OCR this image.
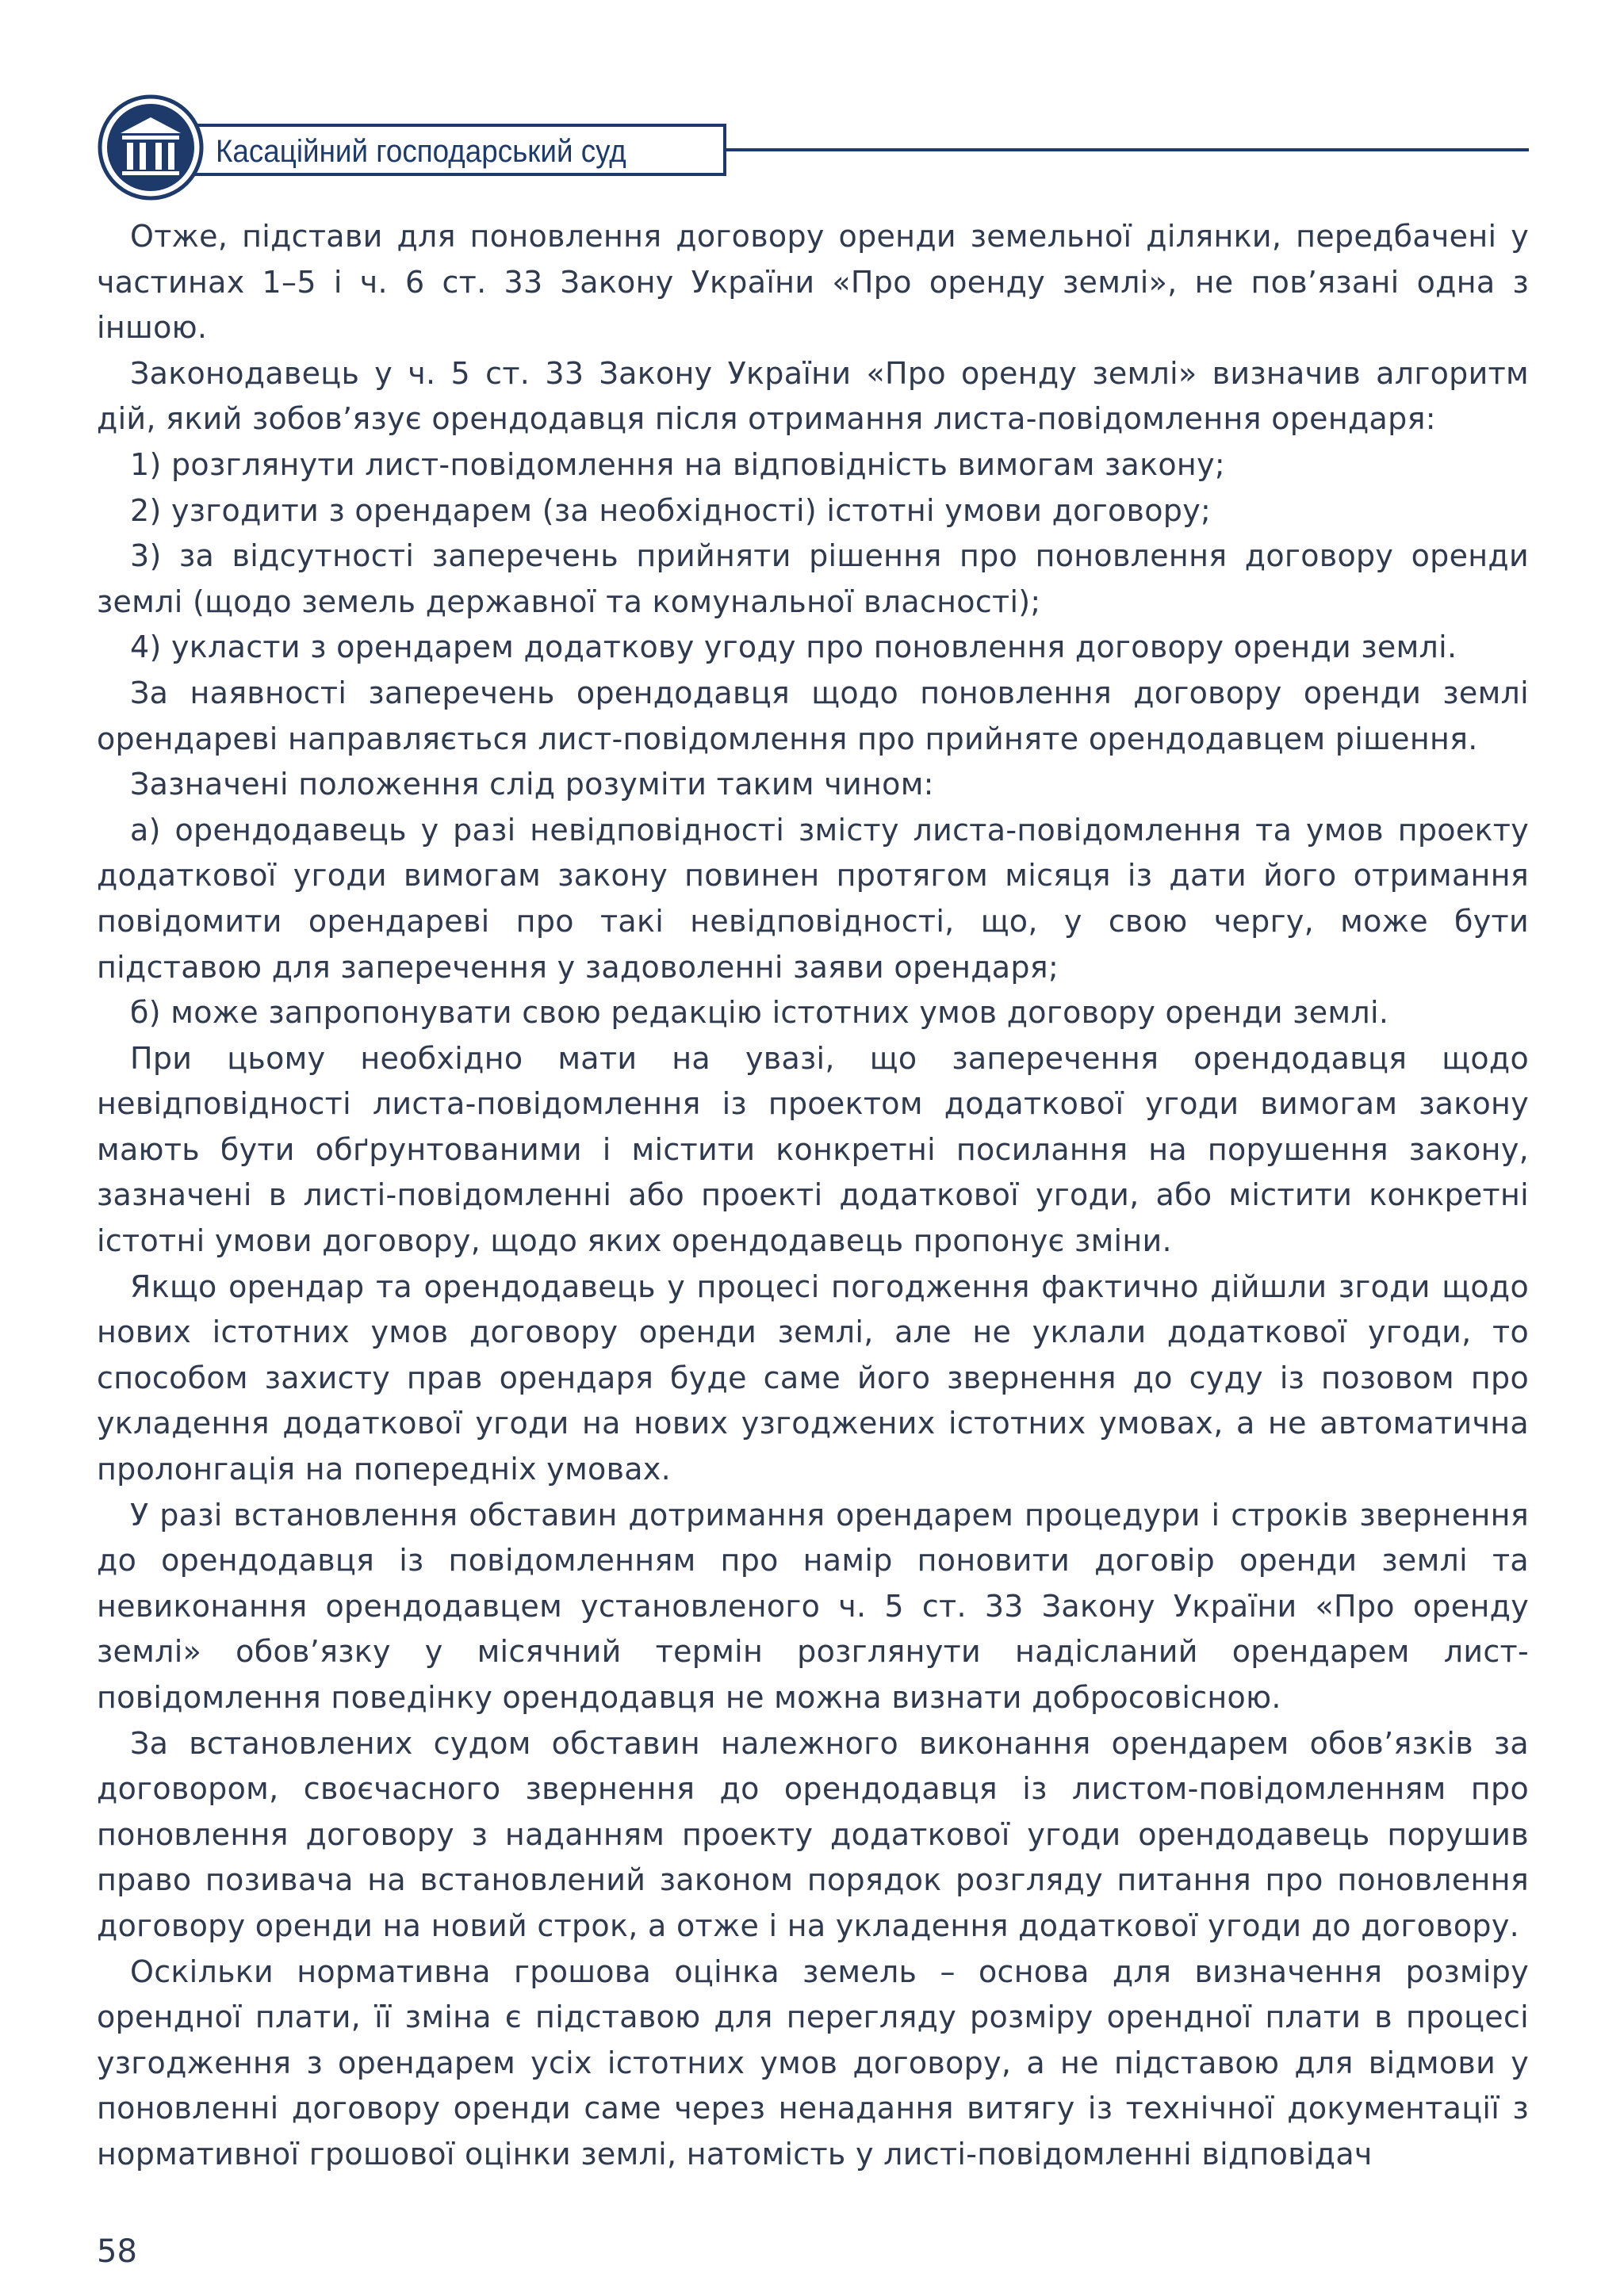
Касаційний господарський суд

Отже, підстави для поновлення договору оренди земельної ділянки, передбачені у частинах 1–5 і ч. 6 ст. 33 Закону України «Про оренду землі», не пов’язані одна з іншою.

Законодавець у ч. 5 ст. 33 Закону України «Про оренду землі» визначив алгоритм дій, який зобов’язує орендодавця після отримання листа-повідомлення орендаря:

1) розглянути лист-повідомлення на відповідність вимогам закону;

2) узгодити з орендарем (за необхідності) істотні умови договору;

3) за відсутності заперечень прийняти рішення про поновлення договору оренди землі (щодо земель державної та комунальної власності);

4) укласти з орендарем додаткову угоду про поновлення договору оренди землі.

За наявності заперечень орендодавця щодо поновлення договору оренди землі орендареві направляється лист-повідомлення про прийняте орендодавцем рішення.

Зазначені положення слід розуміти таким чином:

а) орендодавець у разі невідповідності змісту листа-повідомлення та умов проекту додаткової угоди вимогам закону повинен протягом місяця із дати його отримання повідомити орендареві про такі невідповідності, що, у свою чергу, може бути підставою для заперечення у задоволенні заяви орендаря;

б) може запропонувати свою редакцію істотних умов договору оренди землі.

При цьому необхідно мати на увазі, що заперечення орендодавця щодо невідповідності листа-повідомлення із проектом додаткової угоди вимогам закону мають бути обґрунтованими і містити конкретні посилання на порушення закону, зазначені в листі-повідомленні або проекті додаткової угоди, або містити конкретні істотні умови договору, щодо яких орендодавець пропонує зміни.

Якщо орендар та орендодавець у процесі погодження фактично дійшли згоди щодо нових істотних умов договору оренди землі, але не уклали додаткової угоди, то способом захисту прав орендаря буде саме його звернення до суду із позовом про укладення додаткової угоди на нових узгоджених істотних умовах, а не автоматична пролонгація на попередніх умовах.

У разі встановлення обставин дотримання орендарем процедури і строків звернення до орендодавця із повідомленням про намір поновити договір оренди землі та невиконання орендодавцем установленого ч. 5 ст. 33 Закону України «Про оренду землі» обов’язку у місячний термін розглянути надісланий орендарем лист-повідомлення поведінку орендодавця не можна визнати добросовісною.

За встановлених судом обставин належного виконання орендарем обов’язків за договором, своєчасного звернення до орендодавця із листом-повідомленням про поновлення договору з наданням проекту додаткової угоди орендодавець порушив право позивача на встановлений законом порядок розгляду питання про поновлення договору оренди на новий строк, а отже і на укладення додаткової угоди до договору.

Оскільки нормативна грошова оцінка земель – основа для визначення розміру орендної плати, її зміна є підставою для перегляду розміру орендної плати в процесі узгодження з орендарем усіх істотних умов договору, а не підставою для відмови у поновленні договору оренди саме через ненадання витягу із технічної документації з нормативної грошової оцінки землі, натомість у листі-повідомленні відповідач

58
